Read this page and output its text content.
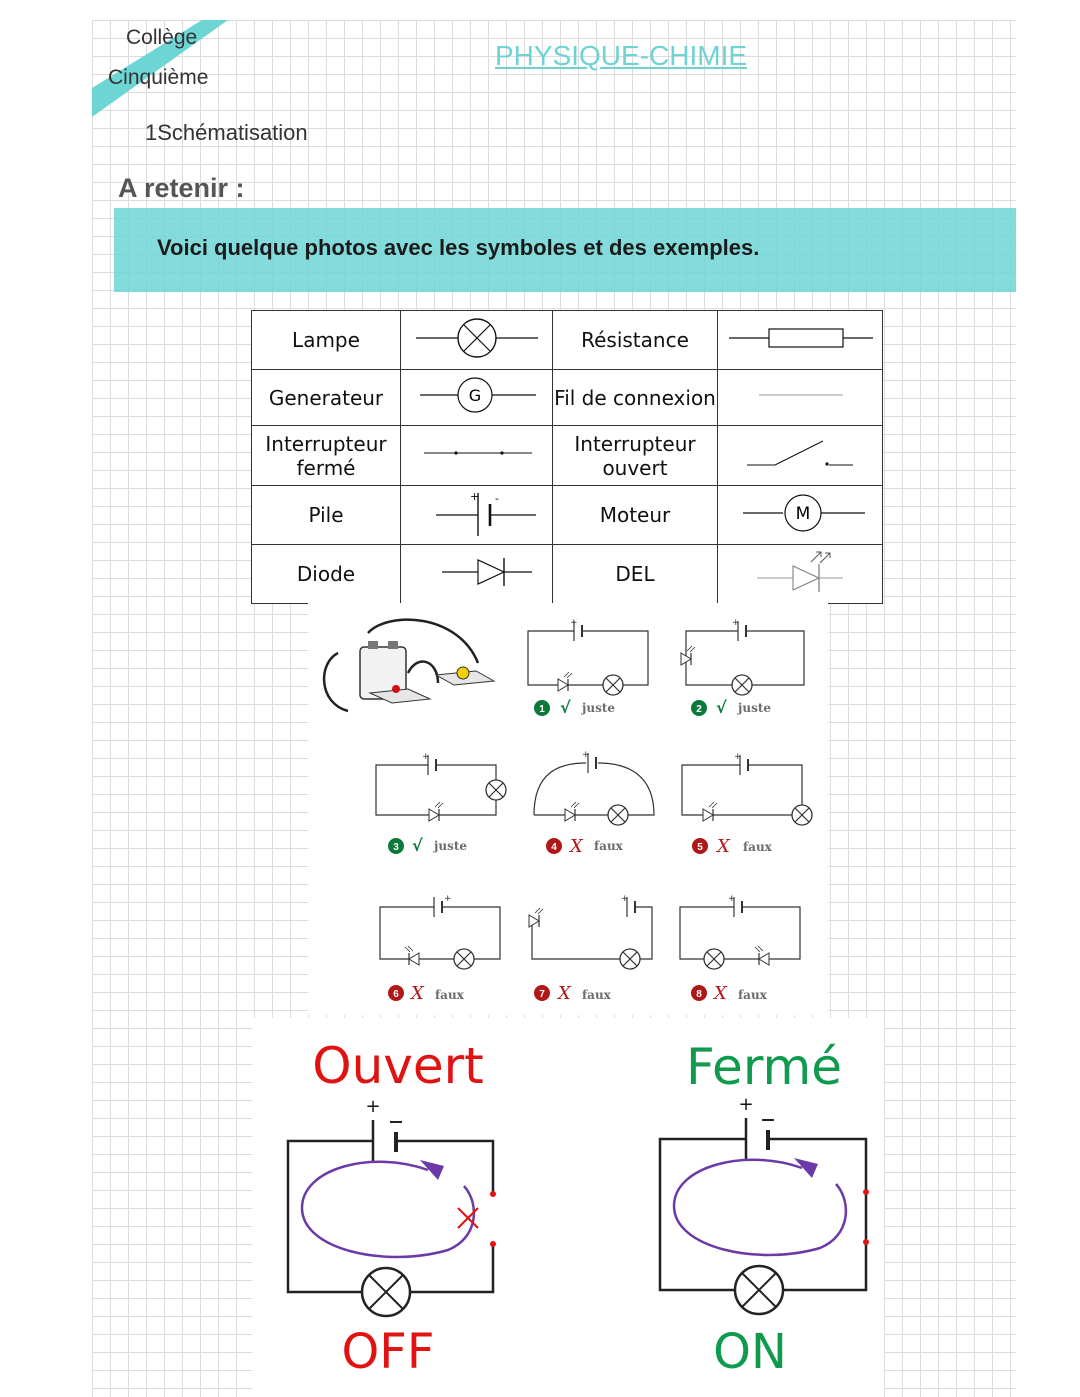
Collège
Cinquième
PHYSIQUE-CHIMIE
1Schématisation
A retenir :
Voici quelque photos avec les symboles et des exemples.
Lampe		Résistance	
Generateur	G	Fil de connexion	
Interrupteur fermé		Interrupteur ouvert	
Pile	+ -	Moteur	M

Diode		DEL	
+	+
+	+	+
+	+	+
1 √ juste	2 √ juste
3 √ juste	4 X faux	5 X faux
6 X faux	7 X faux	8 X faux
Ouvert
+
OFF
Fermé
+
ON
